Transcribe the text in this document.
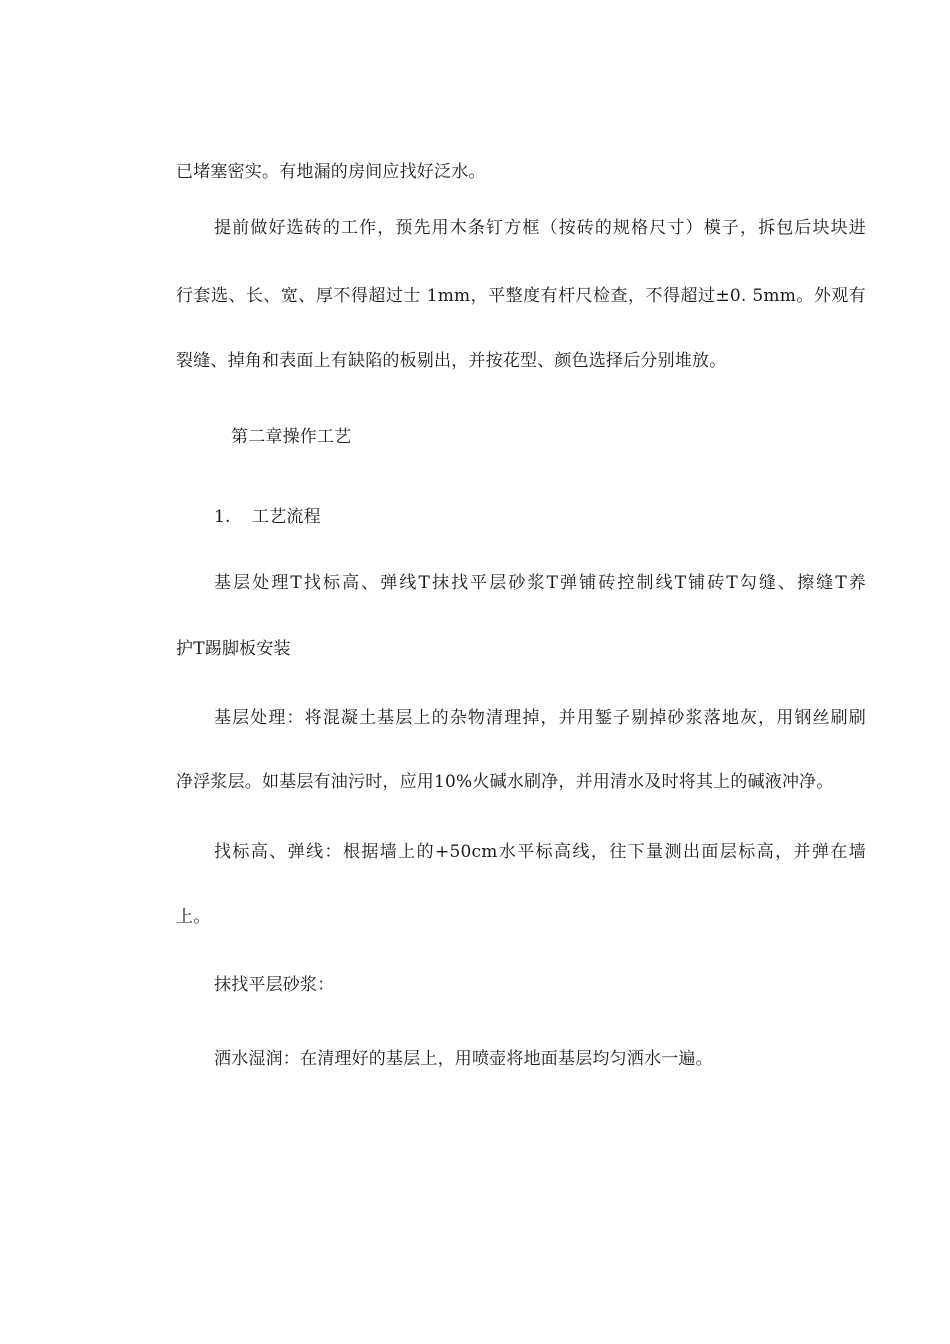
已堵塞密实。有地漏的房间应找好泛水。
提前做好选砖的工作，预先用木条钉方框（按砖的规格尺寸）模子，拆包后块块进
行套选、长、宽、厚不得超过士 1mm，平整度有杆尺检查，不得超过±0. 5mm。外观有
裂缝、掉角和表面上有缺陷的板剔出，并按花型、颜色选择后分别堆放。
第二章操作工艺
1.	工艺流程
基层处理T找标高、弹线T抹找平层砂浆T弹铺砖控制线T铺砖T勾缝、擦缝T养
护T踢脚板安装
基层处理：将混凝土基层上的杂物清理掉，并用錾子剔掉砂浆落地灰，用钢丝刷刷
净浮浆层。如基层有油污时，应用10%火碱水刷净，并用清水及时将其上的碱液冲净。
找标高、弹线：根据墙上的+50cm水平标高线，往下量测出面层标高，并弹在墙
上。
抹找平层砂浆：
洒水湿润：在清理好的基层上，用喷壶将地面基层均匀洒水一遍。
